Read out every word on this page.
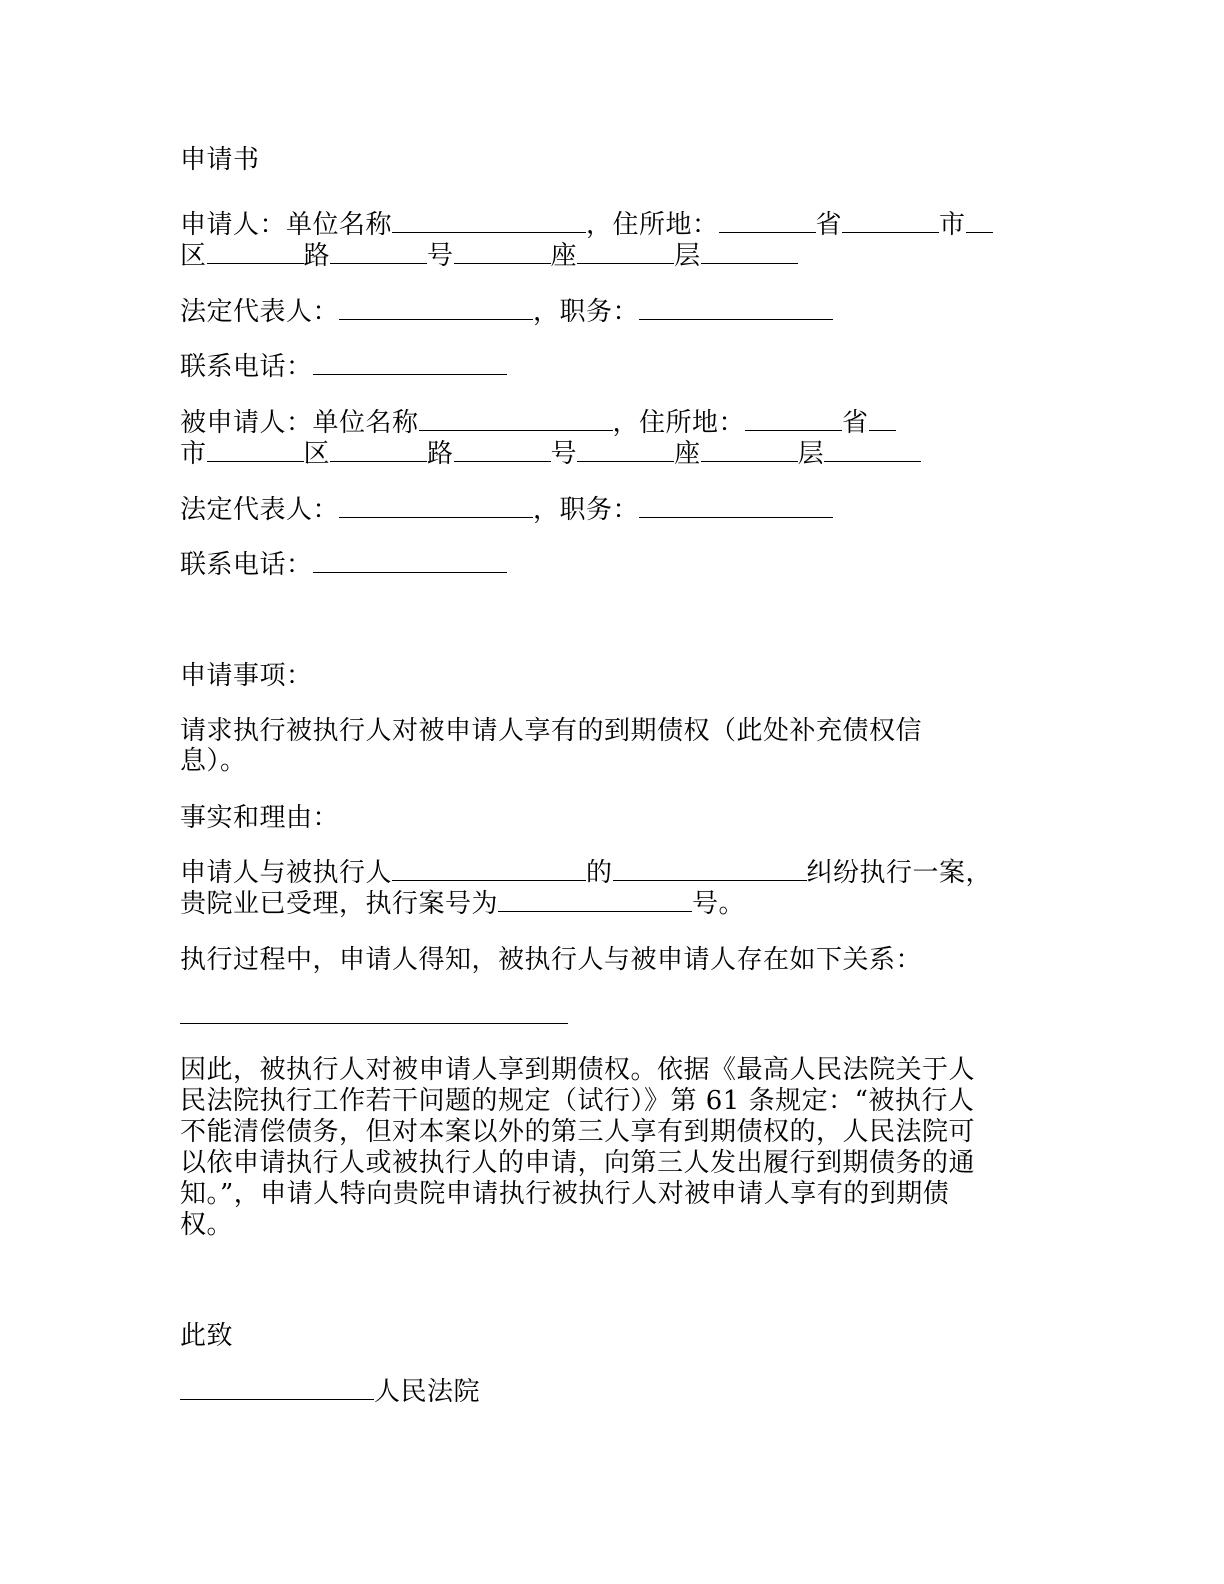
申请书
申请人：单位名称	，住所地：	省	市
区	路	号	座	层
法定代表人：	，职务：
联系电话：
被申请人：单位名称	，住所地：	省
市	区	路	号	座	层
法定代表人：	，职务：
联系电话：
申请事项：
请求执行被执行人对被申请人享有的到期债权（此处补充债权信
息）。
事实和理由：
申请人与被执行人	的	纠纷执行一案，
贵院业已受理，执行案号为	号。
执行过程中，申请人得知，被执行人与被申请人存在如下关系：
因此，被执行人对被申请人享到期债权。依据《最高人民法院关于人
民法院执行工作若干问题的规定（试行）》第 61 条规定：“被执行人
不能清偿债务，但对本案以外的第三人享有到期债权的，人民法院可
以依申请执行人或被执行人的申请，向第三人发出履行到期债务的通
知。”，申请人特向贵院申请执行被执行人对被申请人享有的到期债
权。
此致
人民法院
